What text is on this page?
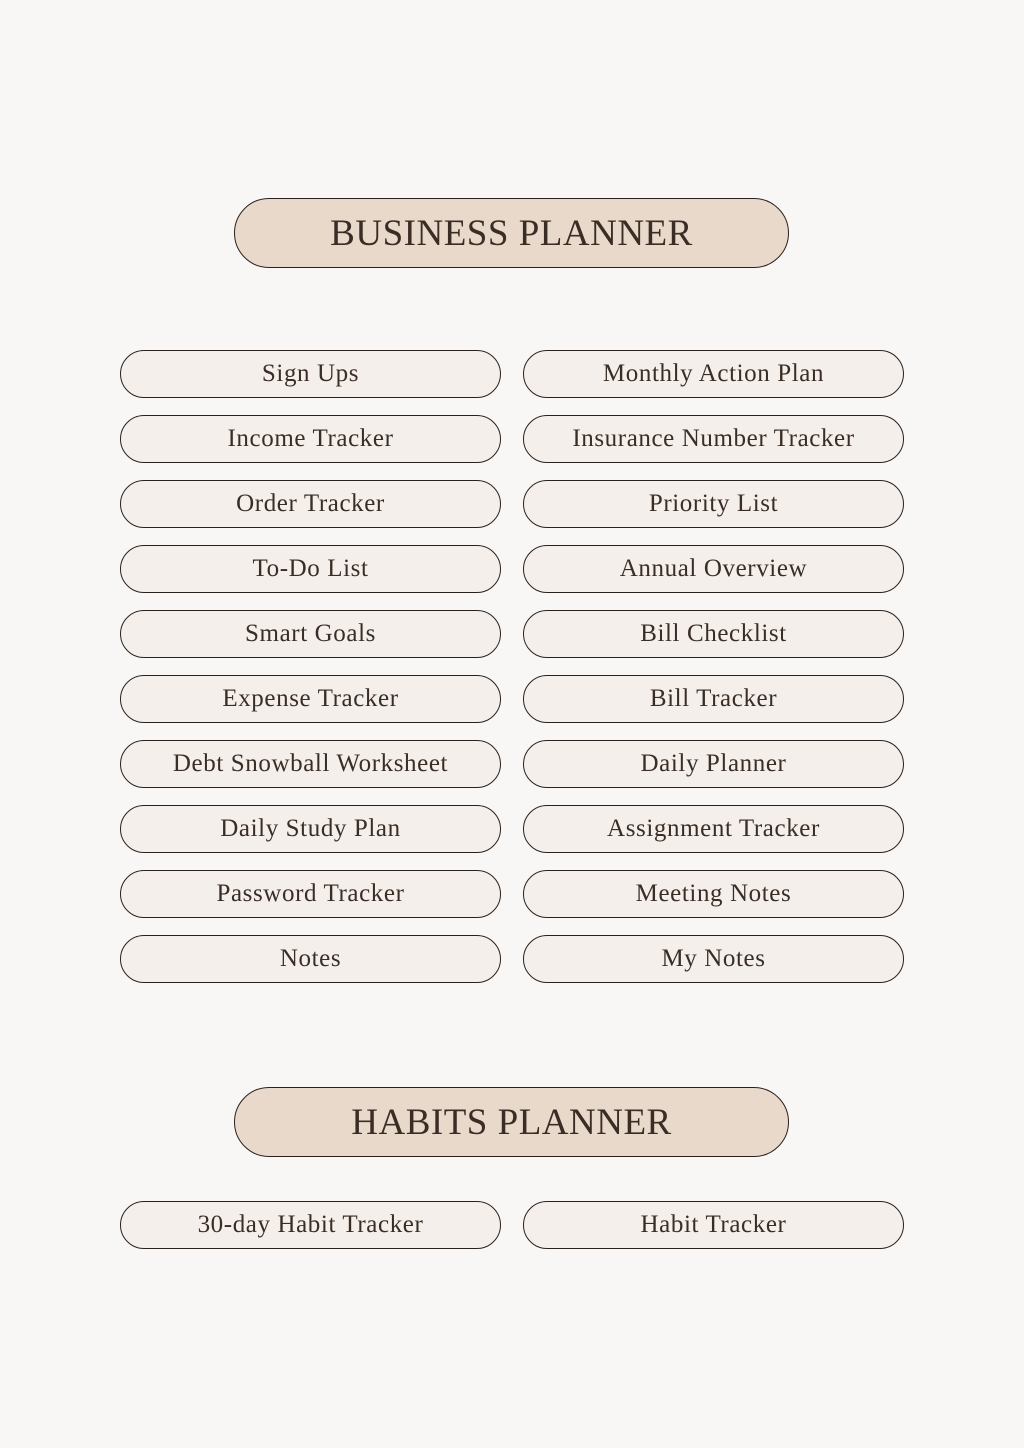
BUSINESS PLANNER
Sign Ups	Monthly Action Plan
Income Tracker	Insurance Number Tracker
Order Tracker	Priority List
To-Do List	Annual Overview
Smart Goals	Bill Checklist
Expense Tracker	Bill Tracker
Debt Snowball Worksheet	Daily Planner
Daily Study Plan	Assignment Tracker
Password Tracker	Meeting Notes
Notes	My Notes
HABITS PLANNER
30-day Habit Tracker	Habit Tracker
